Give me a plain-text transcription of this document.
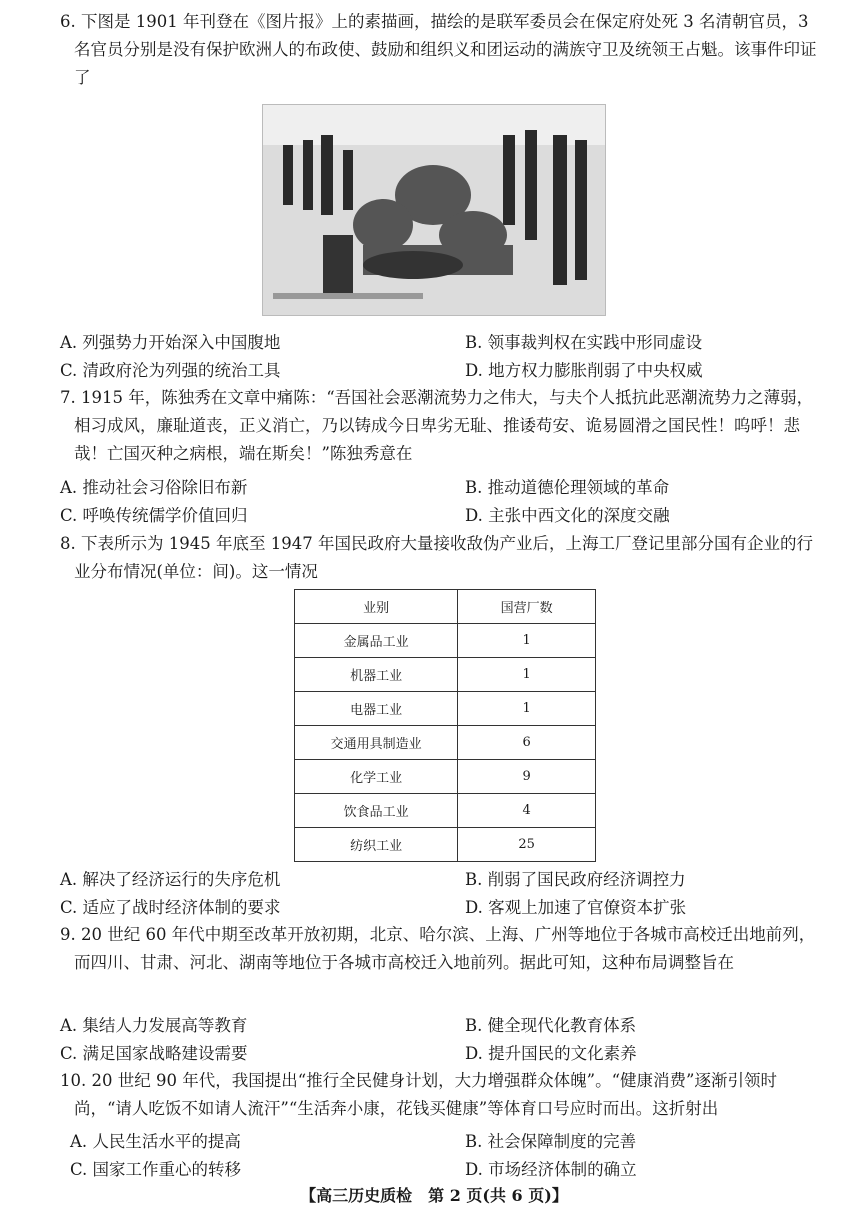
6. 下图是 1901 年刊登在《图片报》上的素描画，描绘的是联军委员会在保定府处死 3 名清朝官员，3 名官员分别是没有保护欧洲人的布政使、鼓励和组织义和团运动的满族守卫及统领王占魁。该事件印证了
A. 列强势力开始深入中国腹地	B. 领事裁判权在实践中形同虚设
C. 清政府沦为列强的统治工具	D. 地方权力膨胀削弱了中央权威
7. 1915 年，陈独秀在文章中痛陈：“吾国社会恶潮流势力之伟大，与夫个人抵抗此恶潮流势力之薄弱，相习成风，廉耻道丧，正义消亡，乃以铸成今日卑劣无耻、推诿苟安、诡易圆滑之国民性！呜呼！悲哉！亡国灭种之病根，端在斯矣！”陈独秀意在
A. 推动社会习俗除旧布新	B. 推动道德伦理领域的革命
C. 呼唤传统儒学价值回归	D. 主张中西文化的深度交融
8. 下表所示为 1945 年底至 1947 年国民政府大量接收敌伪产业后，上海工厂登记里部分国有企业的行业分布情况(单位：间)。这一情况
业别	国营厂数
金属品工业	1
机器工业	1
电器工业	1
交通用具制造业	6
化学工业	9
饮食品工业	4
纺织工业	25
A. 解决了经济运行的失序危机	B. 削弱了国民政府经济调控力
C. 适应了战时经济体制的要求	D. 客观上加速了官僚资本扩张
9. 20 世纪 60 年代中期至改革开放初期，北京、哈尔滨、上海、广州等地位于各城市高校迁出地前列，而四川、甘肃、河北、湖南等地位于各城市高校迁入地前列。据此可知，这种布局调整旨在
A. 集结人力发展高等教育	B. 健全现代化教育体系
C. 满足国家战略建设需要	D. 提升国民的文化素养
10. 20 世纪 90 年代，我国提出“推行全民健身计划，大力增强群众体魄”。“健康消费”逐渐引领时尚，“请人吃饭不如请人流汗”“生活奔小康，花钱买健康”等体育口号应时而出。这折射出
A. 人民生活水平的提高	B. 社会保障制度的完善
C. 国家工作重心的转移	D. 市场经济体制的确立
【高三历史质检　第 2 页(共 6 页)】
